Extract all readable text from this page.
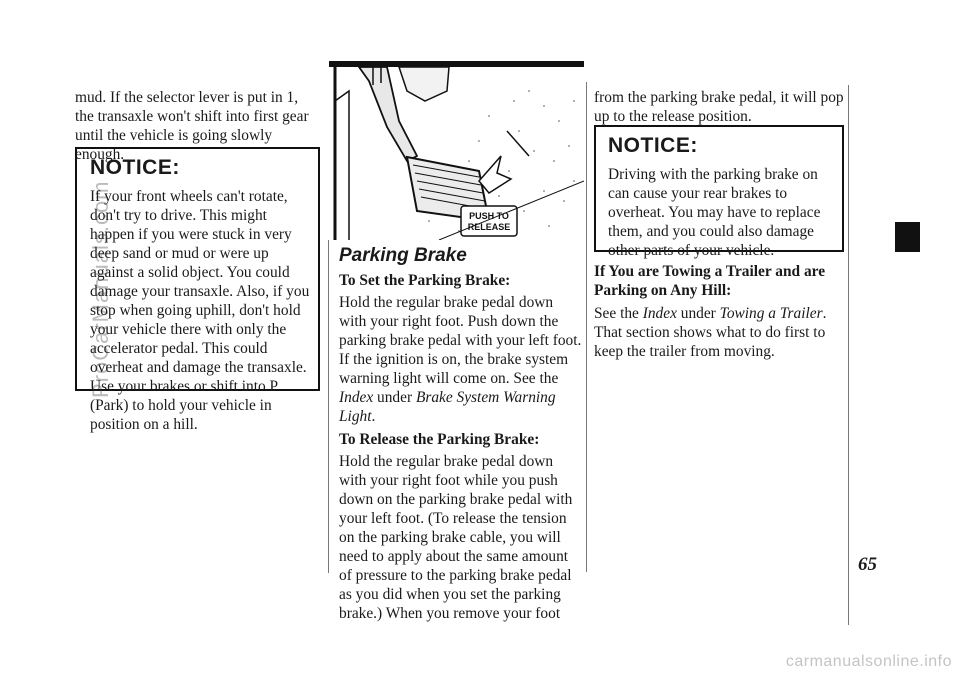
mud. If the selector lever is put in 1, the transaxle won't shift into first gear until the vehicle is going slowly enough.

NOTICE:

If your front wheels can't rotate, don't try to drive. This might happen if you were stuck in very deep sand or mud or were up against a solid object. You could damage your transaxle. Also, if you stop when going uphill, don't hold your vehicle there with only the accelerator pedal. This could overheat and damage the transaxle. Use your brakes or shift into P (Park) to hold your vehicle in position on a hill.

ProCarManuals.com	PUSH TO
RELEASE
Parking Brake
To Set the Parking Brake:

Hold the regular brake pedal down with your right foot. Push down the parking brake pedal with your left foot. If the ignition is on, the brake system warning light will come on. See the Index under Brake System Warning Light.

To Release the Parking Brake:

Hold the regular brake pedal down with your right foot while you push down on the parking brake pedal with your left foot. (To release the tension on the parking brake cable, you will need to apply about the same amount of pressure to the parking brake pedal as you did when you set the parking brake.) When you remove your foot

from the parking brake pedal, it will pop up to the release position.

NOTICE:

Driving with the parking brake on can cause your rear brakes to overheat. You may have to replace them, and you could also damage other parts of your vehicle.

If You are Towing a Trailer and are Parking on Any Hill:

See the Index under Towing a Trailer. That section shows what to do first to keep the trailer from moving.

65
carmanualsonline.info
